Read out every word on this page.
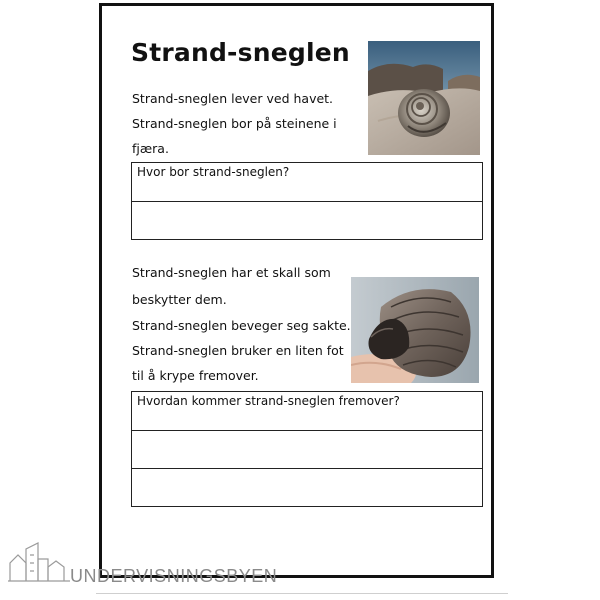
Strand-sneglen
Strand-sneglen lever ved havet.
Strand-sneglen bor på steinene i
fjæra.
Hvor bor strand-sneglen?
Strand-sneglen har et skall som
beskytter dem.
Strand-sneglen beveger seg sakte.
Strand-sneglen bruker en liten fot
til å krype fremover.
Hvordan kommer strand-sneglen fremover?
UNDERVISNINGSBYEN
